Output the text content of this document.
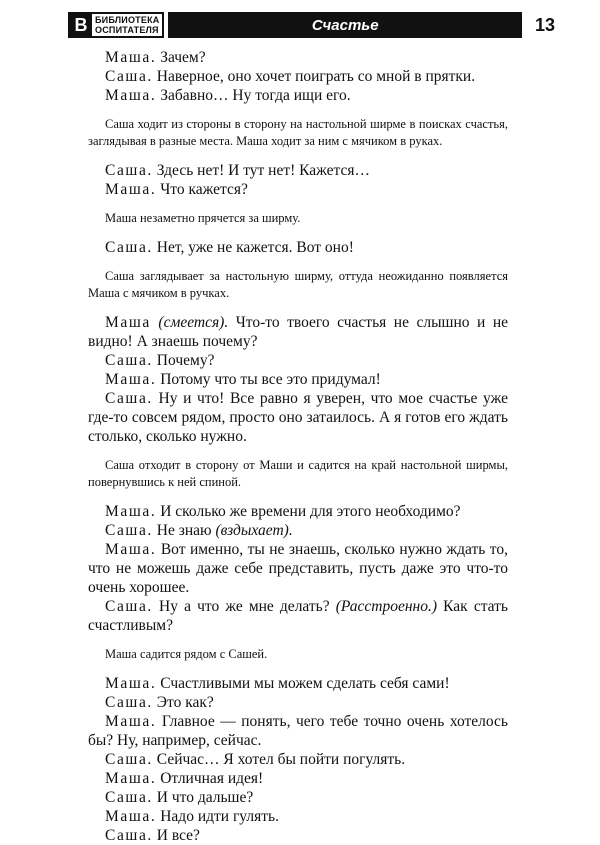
В БИБЛИОТЕКА
ОСПИТАТЕЛЯ	Счастье	13

Маша. Зачем?

Саша. Наверное, оно хочет поиграть со мной в прятки.

Маша. Забавно… Ну тогда ищи его.

Саша ходит из стороны в сторону на настольной ширме в поисках счастья, заглядывая в разные места. Маша ходит за ним с мячиком в руках.

Саша. Здесь нет! И тут нет! Кажется…

Маша. Что кажется?

Маша незаметно прячется за ширму.

Саша. Нет, уже не кажется. Вот оно!

Саша заглядывает за настольную ширму, оттуда неожиданно появляется Маша с мячиком в ручках.

Маша (смеется). Что-то твоего счастья не слышно и не видно! А знаешь почему?

Саша. Почему?

Маша. Потому что ты все это придумал!

Саша. Ну и что! Все равно я уверен, что мое счастье уже где-то совсем рядом, просто оно затаилось. А я готов его ждать столько, сколько нужно.

Саша отходит в сторону от Маши и садится на край настольной ширмы, повернувшись к ней спиной.

Маша. И сколько же времени для этого необходимо?

Саша. Не знаю (вздыхает).

Маша. Вот именно, ты не знаешь, сколько нужно ждать то, что не можешь даже себе представить, пусть даже это что-то очень хорошее.

Саша. Ну а что же мне делать? (Расстроенно.) Как стать счастливым?

Маша садится рядом с Сашей.

Маша. Счастливыми мы можем сделать себя сами!

Саша. Это как?

Маша. Главное — понять, чего тебе точно очень хотелось бы? Ну, например, сейчас.

Саша. Сейчас… Я хотел бы пойти погулять.

Маша. Отличная идея!

Саша. И что дальше?

Маша. Надо идти гулять.

Саша. И все?
